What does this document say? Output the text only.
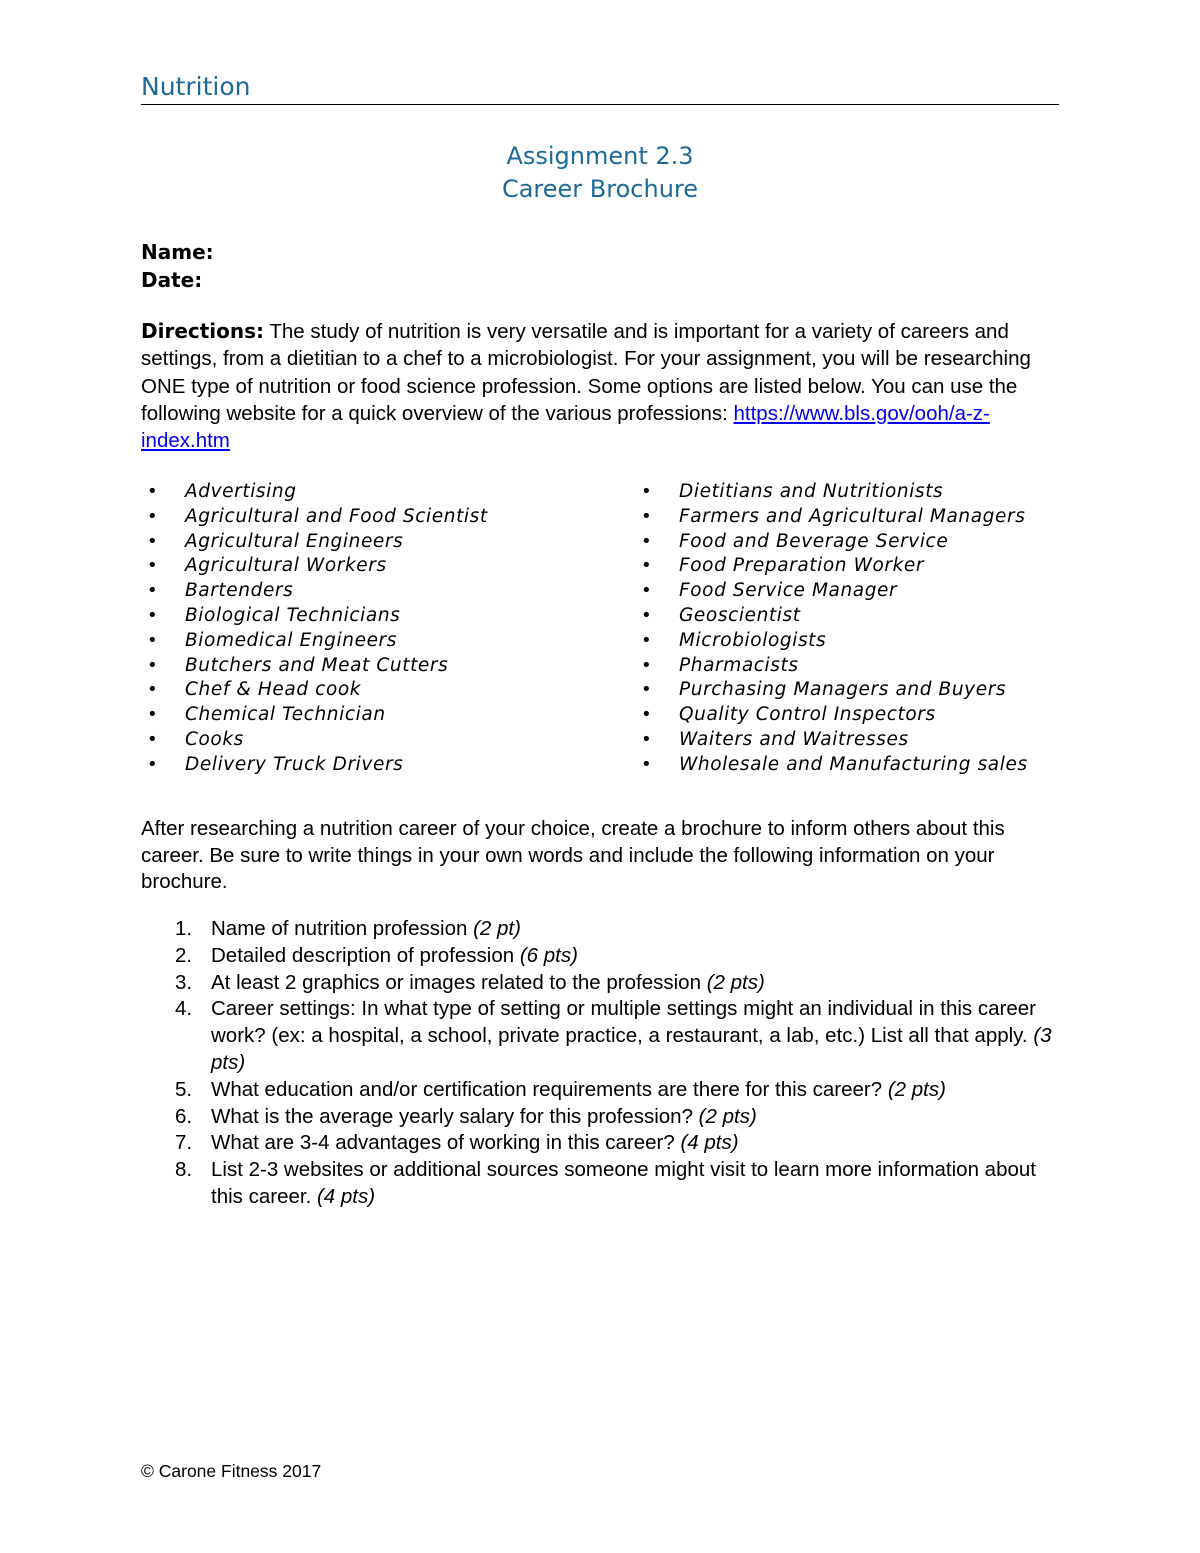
Nutrition
Assignment 2.3
Career Brochure
Name:
Date:
Directions: The study of nutrition is very versatile and is important for a variety of careers and settings, from a dietitian to a chef to a microbiologist. For your assignment, you will be researching ONE type of nutrition or food science profession. Some options are listed below. You can use the following website for a quick overview of the various professions: https://www.bls.gov/ooh/a-z-index.htm
• Advertising
• Agricultural and Food Scientist
• Agricultural Engineers
• Agricultural Workers
• Bartenders
• Biological Technicians
• Biomedical Engineers
• Butchers and Meat Cutters
• Chef & Head cook
• Chemical Technician
• Cooks
• Delivery Truck Drivers
• Dietitians and Nutritionists
• Farmers and Agricultural Managers
• Food and Beverage Service
• Food Preparation Worker
• Food Service Manager
• Geoscientist
• Microbiologists
• Pharmacists
• Purchasing Managers and Buyers
• Quality Control Inspectors
• Waiters and Waitresses
• Wholesale and Manufacturing sales
After researching a nutrition career of your choice, create a brochure to inform others about this career. Be sure to write things in your own words and include the following information on your brochure.
1. Name of nutrition profession (2 pt)
2. Detailed description of profession (6 pts)
3. At least 2 graphics or images related to the profession (2 pts)
4. Career settings: In what type of setting or multiple settings might an individual in this career work? (ex: a hospital, a school, private practice, a restaurant, a lab, etc.) List all that apply. (3 pts)
5. What education and/or certification requirements are there for this career? (2 pts)
6. What is the average yearly salary for this profession? (2 pts)
7. What are 3-4 advantages of working in this career? (4 pts)
8. List 2-3 websites or additional sources someone might visit to learn more information about this career. (4 pts)
© Carone Fitness 2017
